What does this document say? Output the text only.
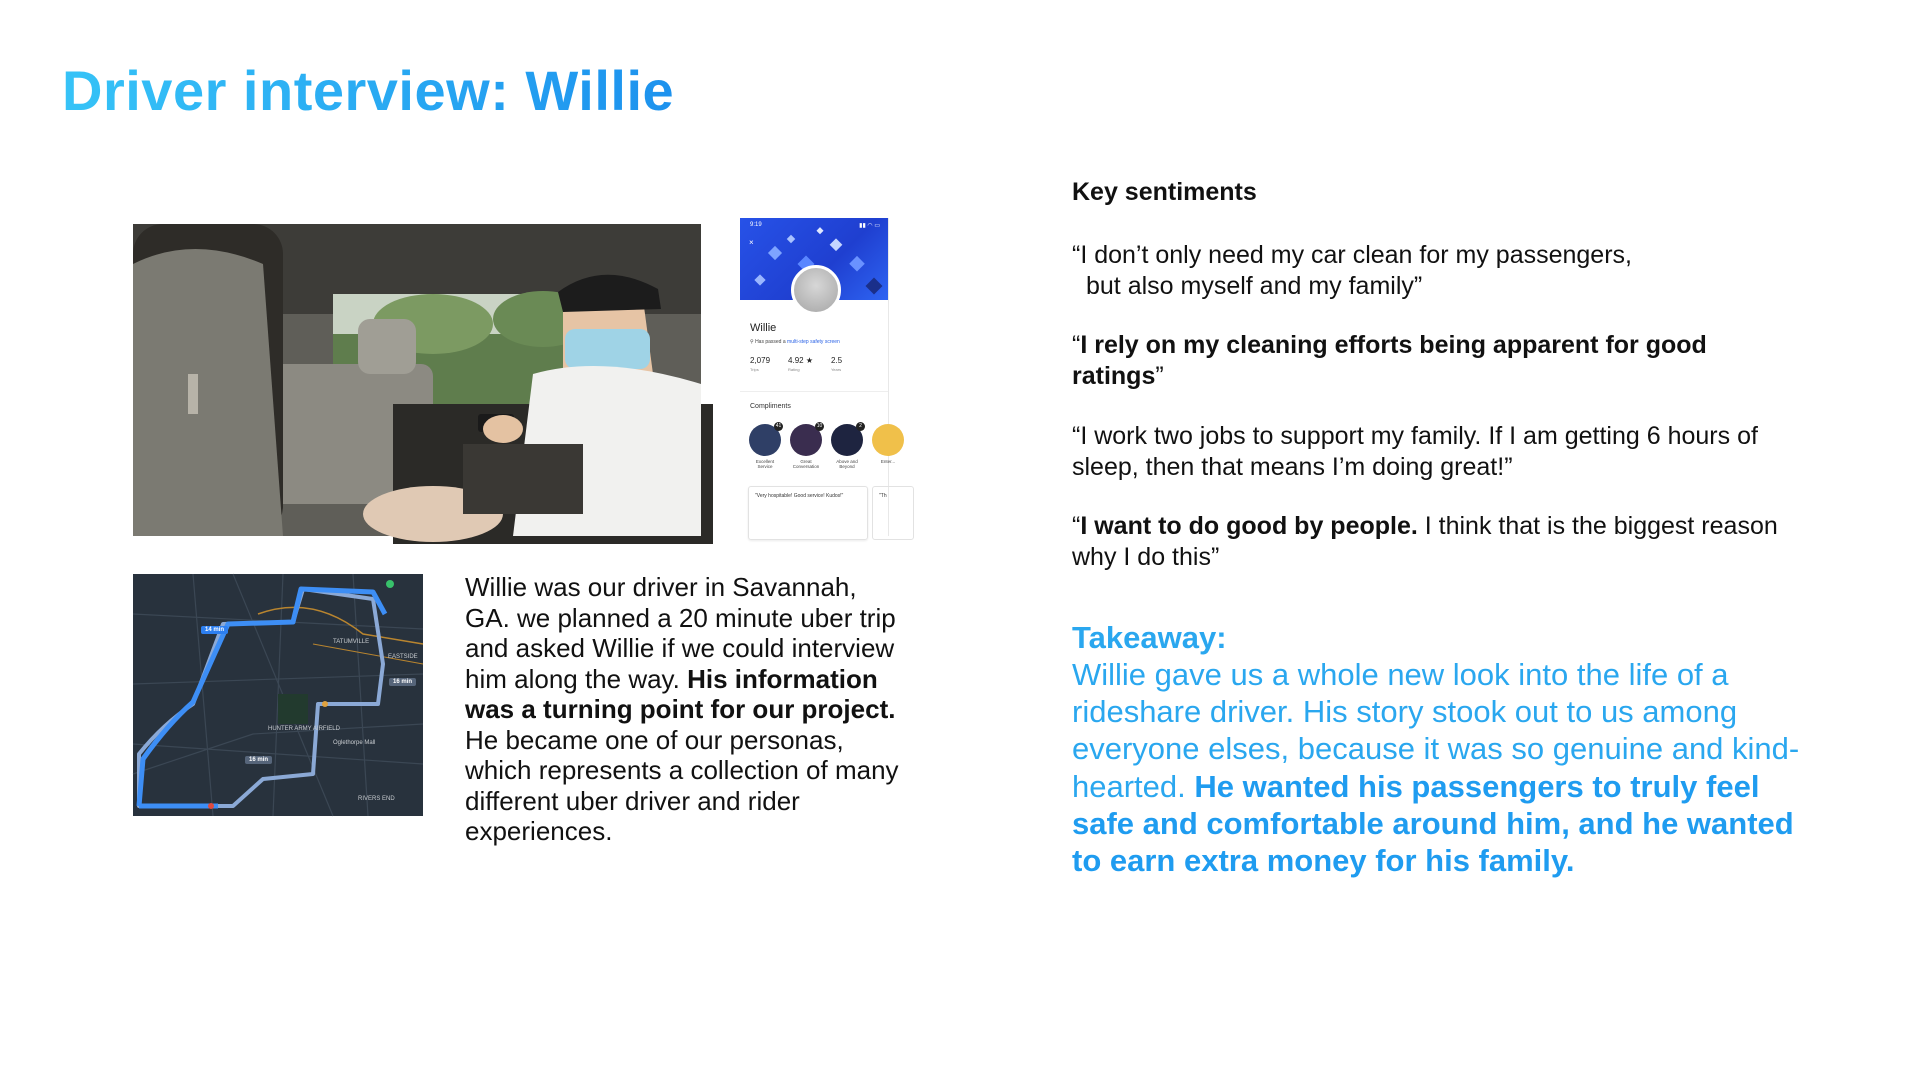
Driver interview: Willie
9:19	▮▮ ◠ ▭
×
Willie
⚲ Has passed a multi-step safety screen
2,079
Trips
4.92 ★
Rating
2.5
Years
Compliments
41
Excellent Service
10
Great Conversation
2
Above and Beyond
Enter...
"Very hospitable! Good service! Kudos!"	"Th
14 min
16 min
16 min
TATUMVILLE
EASTSIDE
HUNTER ARMY AIRFIELD
Oglethorpe Mall
RIVERS END
Willie was our driver in Savannah, GA. we planned a 20 minute uber trip and asked Willie if we could interview him along the way. His information was a turning point for our project. He became one of our personas, which represents a collection of many different uber driver and rider experiences.
Key sentiments
“I don’t only need my car clean for my passengers,
but also myself and my family”
“I rely on my cleaning efforts being apparent for good ratings”
“I work two jobs to support my family. If I am getting 6 hours of sleep, then that means I’m doing great!”
“I want to do good by people. I think that is the biggest reason why I do this”
Takeaway:
Willie gave us a whole new look into the life of a rideshare driver. His story stook out to us among everyone elses, because it was so genuine and kind-hearted. He wanted his passengers to truly feel safe and comfortable around him, and he wanted to earn extra money for his family.
